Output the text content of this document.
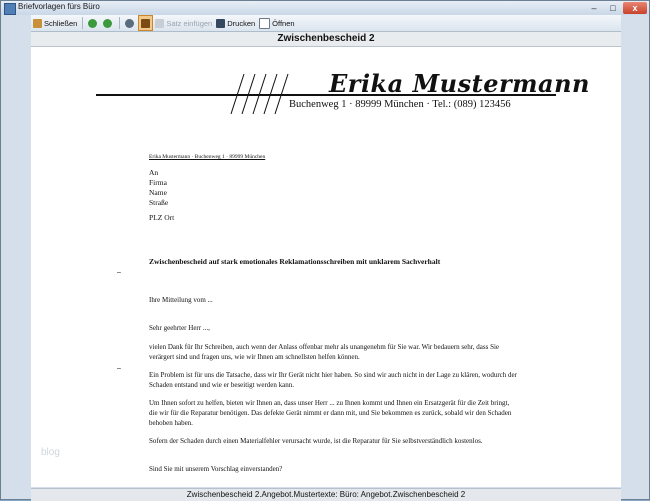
Briefvorlagen fürs Büro	–	□	x
Schließen	Satz einfügen Drucken Öffnen
Zwischenbescheid 2
Erika Mustermann
Buchenweg 1 · 89999 München · Tel.: (089) 123456
Erika Mustermann · Buchenweg 1 · 89999 München
An
Firma
Name
Straße
PLZ Ort
Zwischenbescheid auf stark emotionales Reklamationsschreiben mit unklarem Sachverhalt
–
–
Ihre Mitteilung vom ...
Sehr geehrter Herr ...,
vielen Dank für Ihr Schreiben, auch wenn der Anlass offenbar mehr als unangenehm für Sie war. Wir bedauern sehr, dass Sie verärgert sind und fragen uns, wie wir Ihnen am schnellsten helfen können.
Ein Problem ist für uns die Tatsache, dass wir Ihr Gerät nicht hier haben. So sind wir auch nicht in der Lage zu klären, wodurch der Schaden entstand und wie er beseitigt werden kann.
Um Ihnen sofort zu helfen, bieten wir Ihnen an, dass unser Herr ... zu Ihnen kommt und Ihnen ein Ersatzgerät für die Zeit bringt, die wir für die Reparatur benötigen. Das defekte Gerät nimmt er dann mit, und Sie bekommen es zurück, sobald wir den Schaden behoben haben.
Sofern der Schaden durch einen Materialfehler verursacht wurde, ist die Reparatur für Sie selbstverständlich kostenlos.
Sind Sie mit unserem Vorschlag einverstanden?
blog
Zwischenbescheid 2.Angebot.Mustertexte: Büro: Angebot.Zwischenbescheid 2
